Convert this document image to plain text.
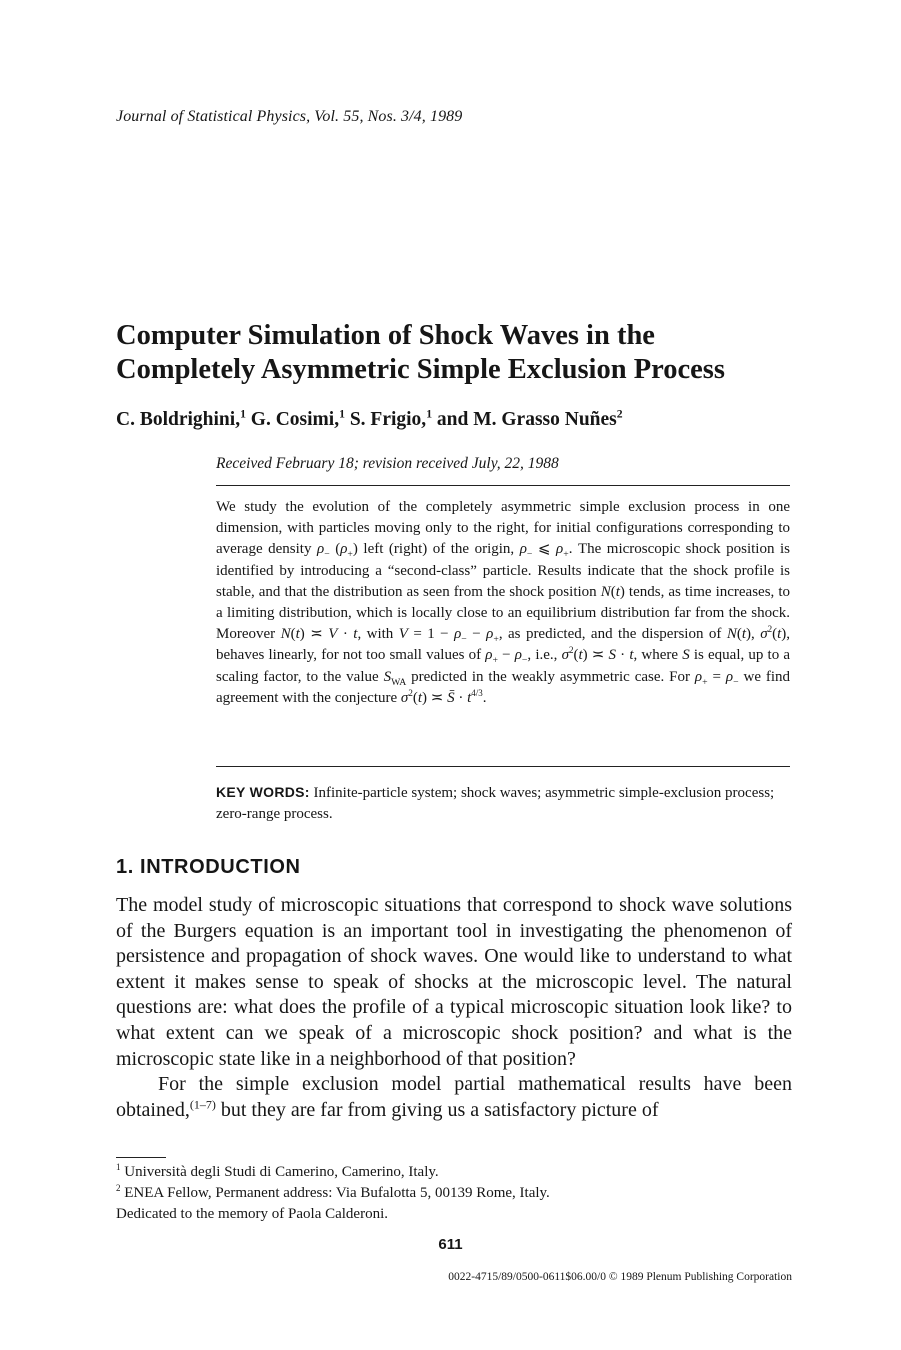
Journal of Statistical Physics, Vol. 55, Nos. 3/4, 1989
Computer Simulation of Shock Waves in the
Completely Asymmetric Simple Exclusion Process
C. Boldrighini,$^1$ G. Cosimi,$^1$ S. Frigio,$^1$ and M. Grasso Nuñes$^2$
Received February 18; revision received July, 22, 1988
We study the evolution of the completely asymmetric simple exclusion process in one dimension, with particles moving only to the right, for initial configurations corresponding to average density $\rho_-$ $(\rho_+)$ left (right) of the origin, $\rho_-$ ⩽ $\rho_+$. The microscopic shock position is identified by introducing a “second-class” particle. Results indicate that the shock profile is stable, and that the distribution as seen from the shock position N(t) tends, as time increases, to a limiting distribution, which is locally close to an equilibrium distribution far from the shock. Moreover N(t) ≍ V · t, with $V = 1 - \rho_- - \rho_+$, as predicted, and the dispersion of N(t), $\sigma^2(t)$, behaves linearly, for not too small values of $\rho_+ - \rho_-$, i.e., $\sigma^2(t)$ ≍ S · t, where S is equal, up to a scaling factor, to the value $S_{WA}$ predicted in the weakly asymmetric case. For $\rho_+ = \rho_-$ we find agreement with the conjecture $\sigma^2(t)$ ≍ S̄ · $t^{4/3}$.
KEY WORDS: Infinite-particle system; shock waves; asymmetric simple-exclusion process; zero-range process.
1. INTRODUCTION

The model study of microscopic situations that correspond to shock wave solutions of the Burgers equation is an important tool in investigating the phenomenon of persistence and propagation of shock waves. One would like to understand to what extent it makes sense to speak of shocks at the microscopic level. The natural questions are: what does the profile of a typical microscopic situation look like? to what extent can we speak of a microscopic shock position? and what is the microscopic state like in a neighborhood of that position?

For the simple exclusion model partial mathematical results have been obtained,$^{(1-7)}$ but they are far from giving us a satisfactory picture of

$^1$ Università degli Studi di Camerino, Camerino, Italy.
$^2$ ENEA Fellow, Permanent address: Via Bufalotta 5, 00139 Rome, Italy.
Dedicated to the memory of Paola Calderoni.
611
0022-4715/89/0500-0611$06.00/0 © 1989 Plenum Publishing Corporation
